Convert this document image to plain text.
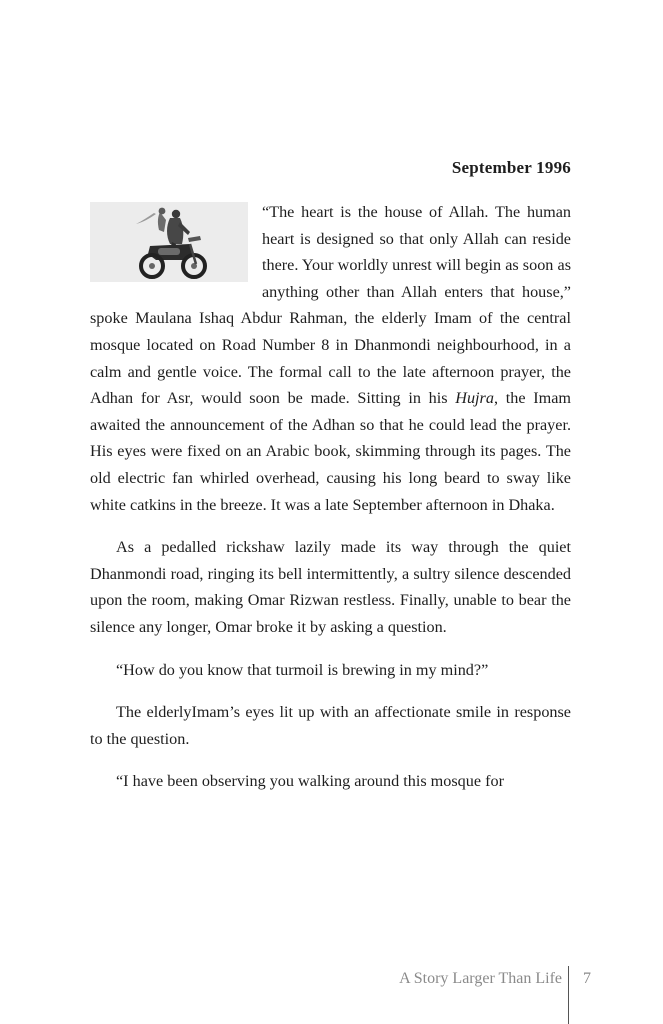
September 1996

“The heart is the house of Allah. The human heart is designed so that only Allah can reside there. Your worldly unrest will begin as soon as anything other than Allah enters that house,” spoke Maulana Ishaq Abdur Rahman, the elderly Imam of the central mosque located on Road Number 8 in Dhanmondi neighbourhood, in a calm and gentle voice. The formal call to the late afternoon prayer, the Adhan for Asr, would soon be made. Sitting in his Hujra, the Imam awaited the announcement of the Adhan so that he could lead the prayer. His eyes were fixed on an Arabic book, skimming through its pages. The old electric fan whirled overhead, causing his long beard to sway like white catkins in the breeze. It was a late September afternoon in Dhaka.

As a pedalled rickshaw lazily made its way through the quiet Dhanmondi road, ringing its bell intermittently, a sultry silence descended upon the room, making Omar Rizwan restless. Finally, unable to bear the silence any longer, Omar broke it by asking a question.

“How do you know that turmoil is brewing in my mind?”

The elderlyImam’s eyes lit up with an affectionate smile in response to the question.

“I have been observing you walking around this mosque for

A Story Larger Than Life 7
